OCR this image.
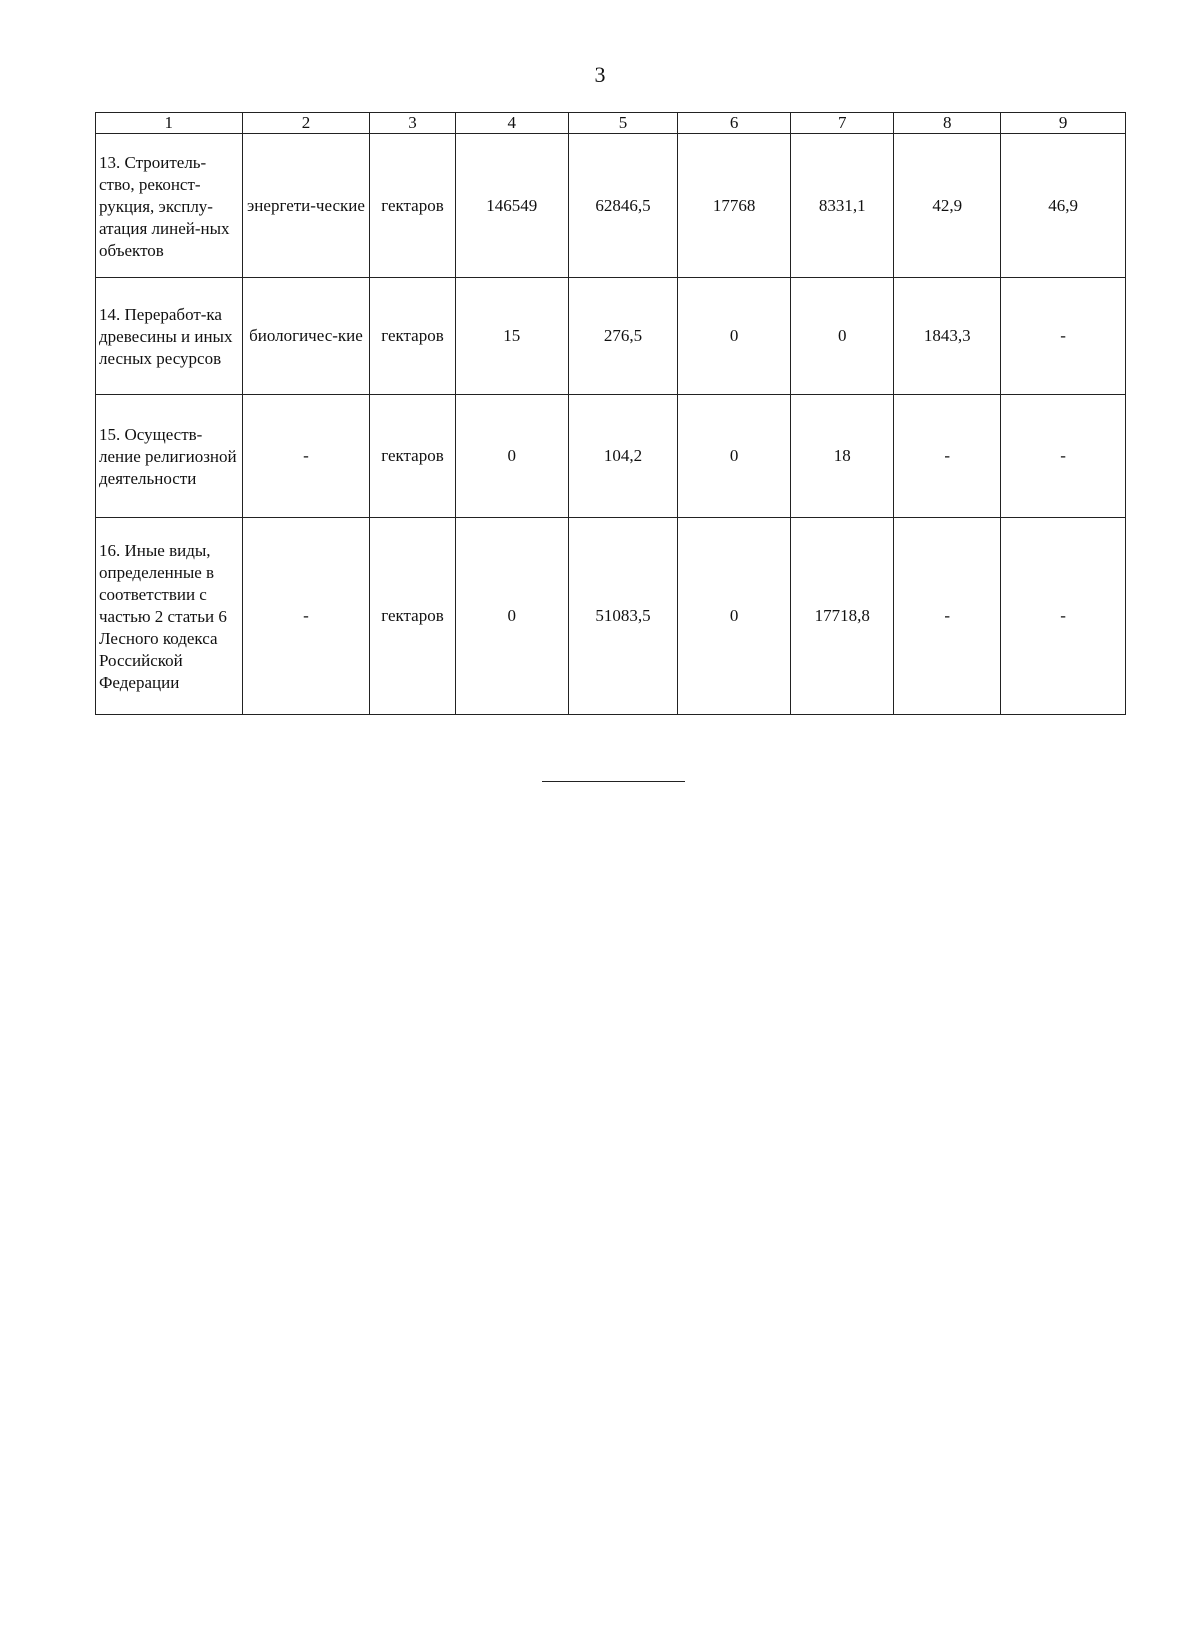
3
1	2	3	4	5	6	7	8	9
13. Строитель-ство, реконст-рукция, эксплу-атация линей-ных объектов	энергети-ческие	гектаров	146549	62846,5	17768	8331,1	42,9	46,9
14. Переработ-ка древесины и иных лесных ресурсов	биологичес-кие	гектаров	15	276,5	0	0	1843,3	-
15. Осуществ-ление религиозной деятельности	-	гектаров	0	104,2	0	18	-	-
16. Иные виды, определенные в соответствии с частью 2 статьи 6 Лесного кодекса Российской Федерации	-	гектаров	0	51083,5	0	17718,8	-	-
